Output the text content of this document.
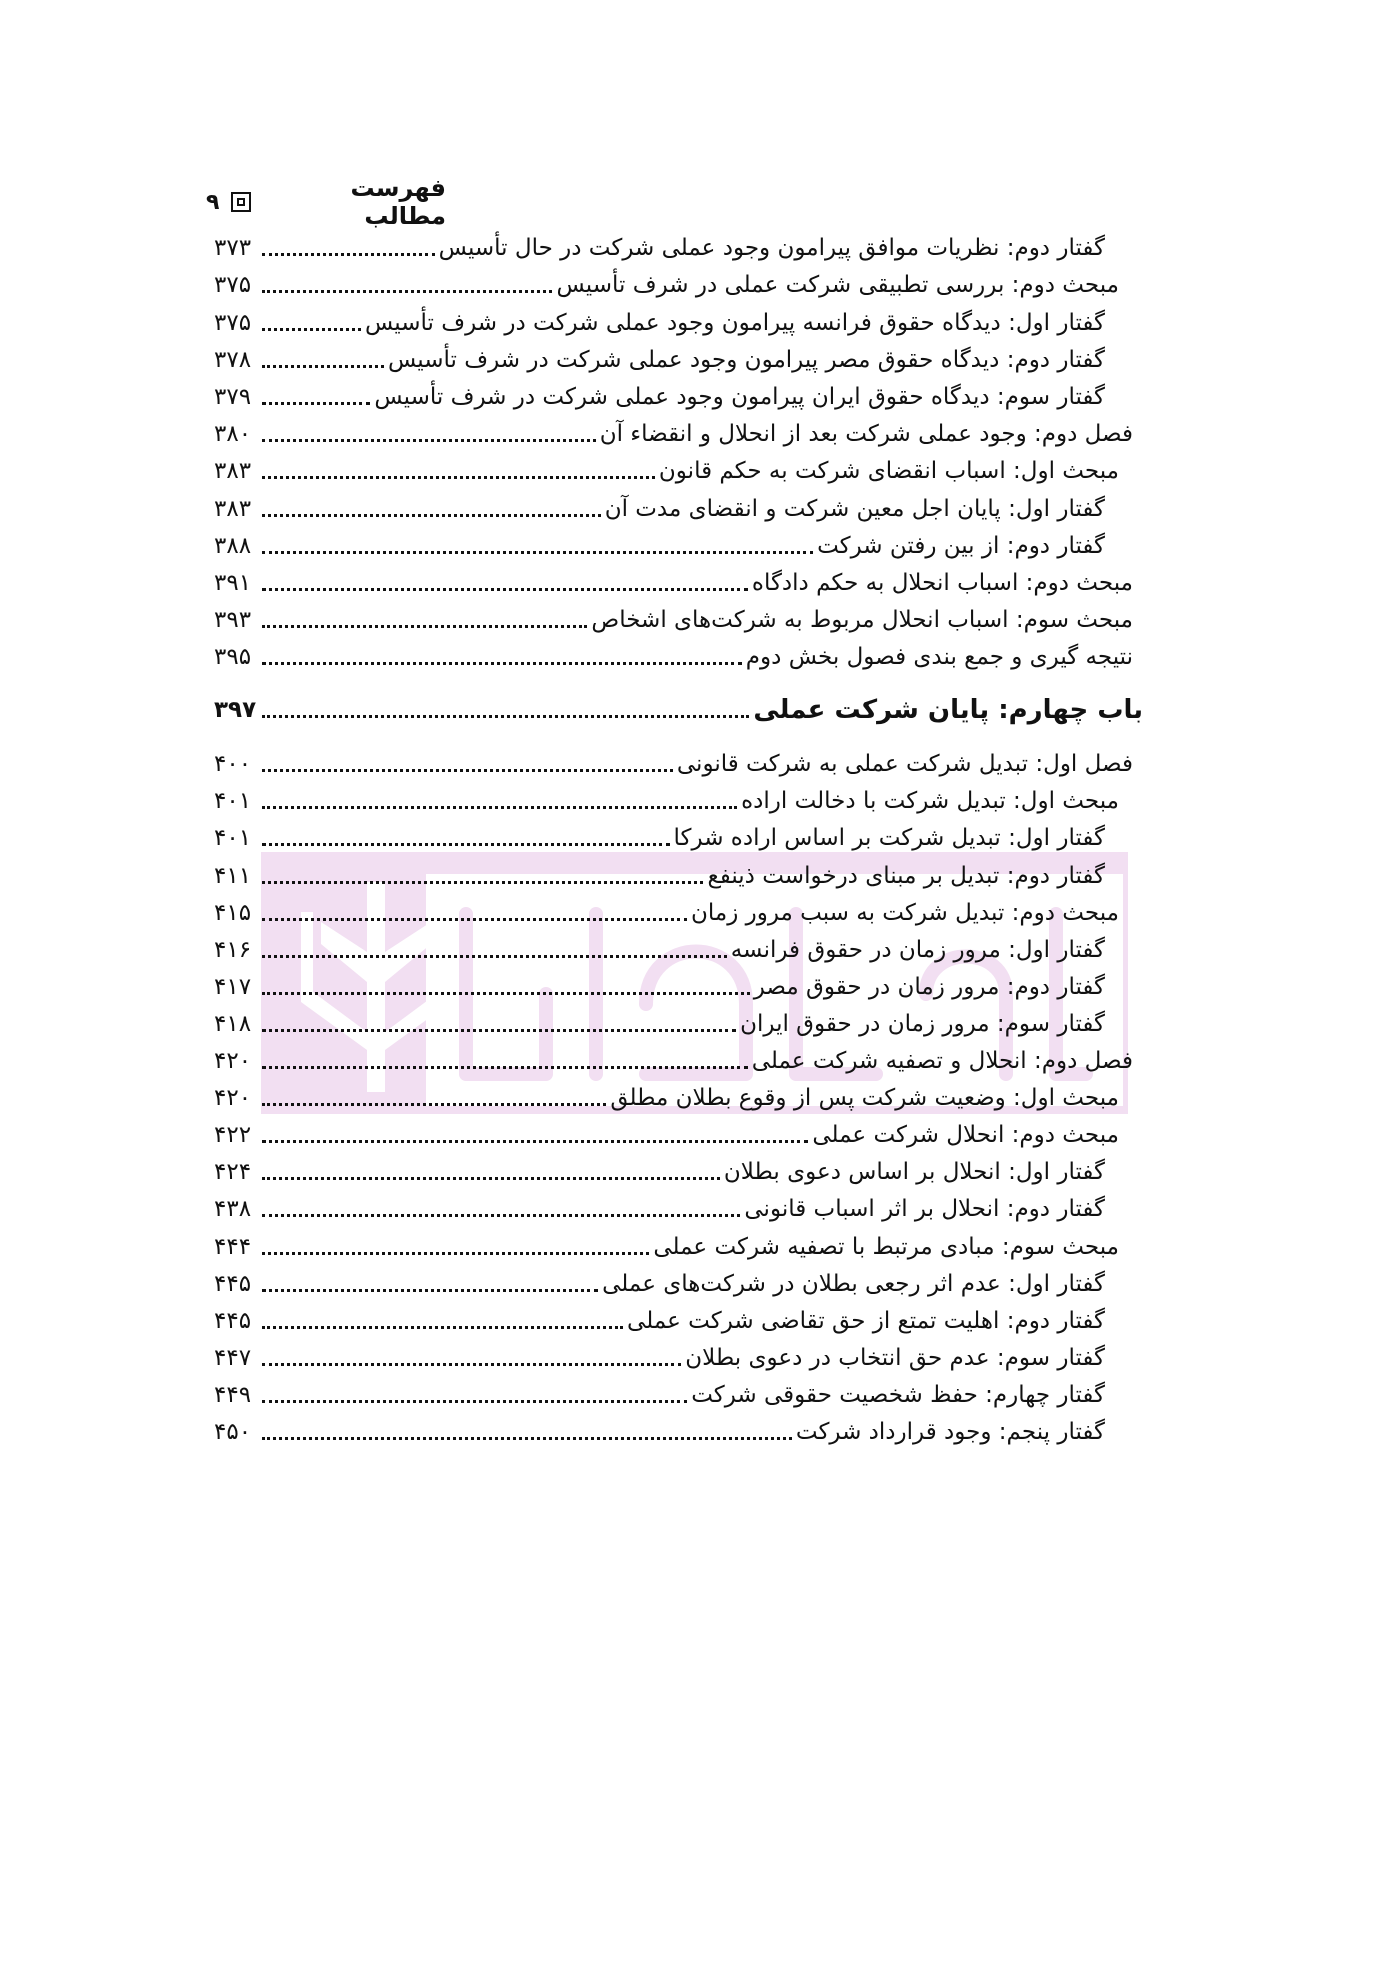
فهرست مطالب
۹
گفتار دوم: نظریات موافق پیرامون وجود عملی شرکت در حال تأسیس
۳۷۳
مبحث دوم: بررسی تطبیقی شرکت عملی در شرف تأسیس
۳۷۵
گفتار اول: دیدگاه حقوق فرانسه پیرامون وجود عملی شرکت در شرف تأسیس
۳۷۵
گفتار دوم: دیدگاه حقوق مصر پیرامون وجود عملی شرکت در شرف تأسیس
۳۷۸
گفتار سوم: دیدگاه حقوق ایران پیرامون وجود عملی شرکت در شرف تأسیس
۳۷۹
فصل دوم: وجود عملی شرکت بعد از انحلال و انقضاء آن
۳۸۰
مبحث اول: اسباب انقضای شرکت به حکم قانون
۳۸۳
گفتار اول: پایان اجل معین شرکت و انقضای مدت آن
۳۸۳
گفتار دوم: از بین رفتن شرکت
۳۸۸
مبحث دوم: اسباب انحلال به حکم دادگاه
۳۹۱
مبحث سوم: اسباب انحلال مربوط به شرکت‌های اشخاص
۳۹۳
نتیجه گیری و جمع بندی فصول بخش دوم
۳۹۵
باب چهارم: پایان شرکت عملی
۳۹۷
فصل اول: تبدیل شرکت عملی به شرکت قانونی
۴۰۰
مبحث اول: تبدیل شرکت با دخالت اراده
۴۰۱
گفتار اول: تبدیل شرکت بر اساس اراده شرکا
۴۰۱
گفتار دوم: تبدیل بر مبنای درخواست ذینفع
۴۱۱
مبحث دوم: تبدیل شرکت به سبب مرور زمان
۴۱۵
گفتار اول: مرور زمان در حقوق فرانسه
۴۱۶
گفتار دوم: مرور زمان در حقوق مصر
۴۱۷
گفتار سوم: مرور زمان در حقوق ایران
۴۱۸
فصل دوم: انحلال و تصفیه شرکت عملی
۴۲۰
مبحث اول: وضعیت شرکت پس از وقوع بطلان مطلق
۴۲۰
مبحث دوم: انحلال شرکت عملی
۴۲۲
گفتار اول: انحلال بر اساس دعوی بطلان
۴۲۴
گفتار دوم: انحلال بر اثر اسباب قانونی
۴۳۸
مبحث سوم: مبادی مرتبط با تصفیه شرکت عملی
۴۴۴
گفتار اول: عدم اثر رجعی بطلان در شرکت‌های عملی
۴۴۵
گفتار دوم: اهلیت تمتع از حق تقاضی شرکت عملی
۴۴۵
گفتار سوم: عدم حق انتخاب در دعوی بطلان
۴۴۷
گفتار چهارم: حفظ شخصیت حقوقی شرکت
۴۴۹
گفتار پنجم: وجود قرارداد شرکت
۴۵۰
